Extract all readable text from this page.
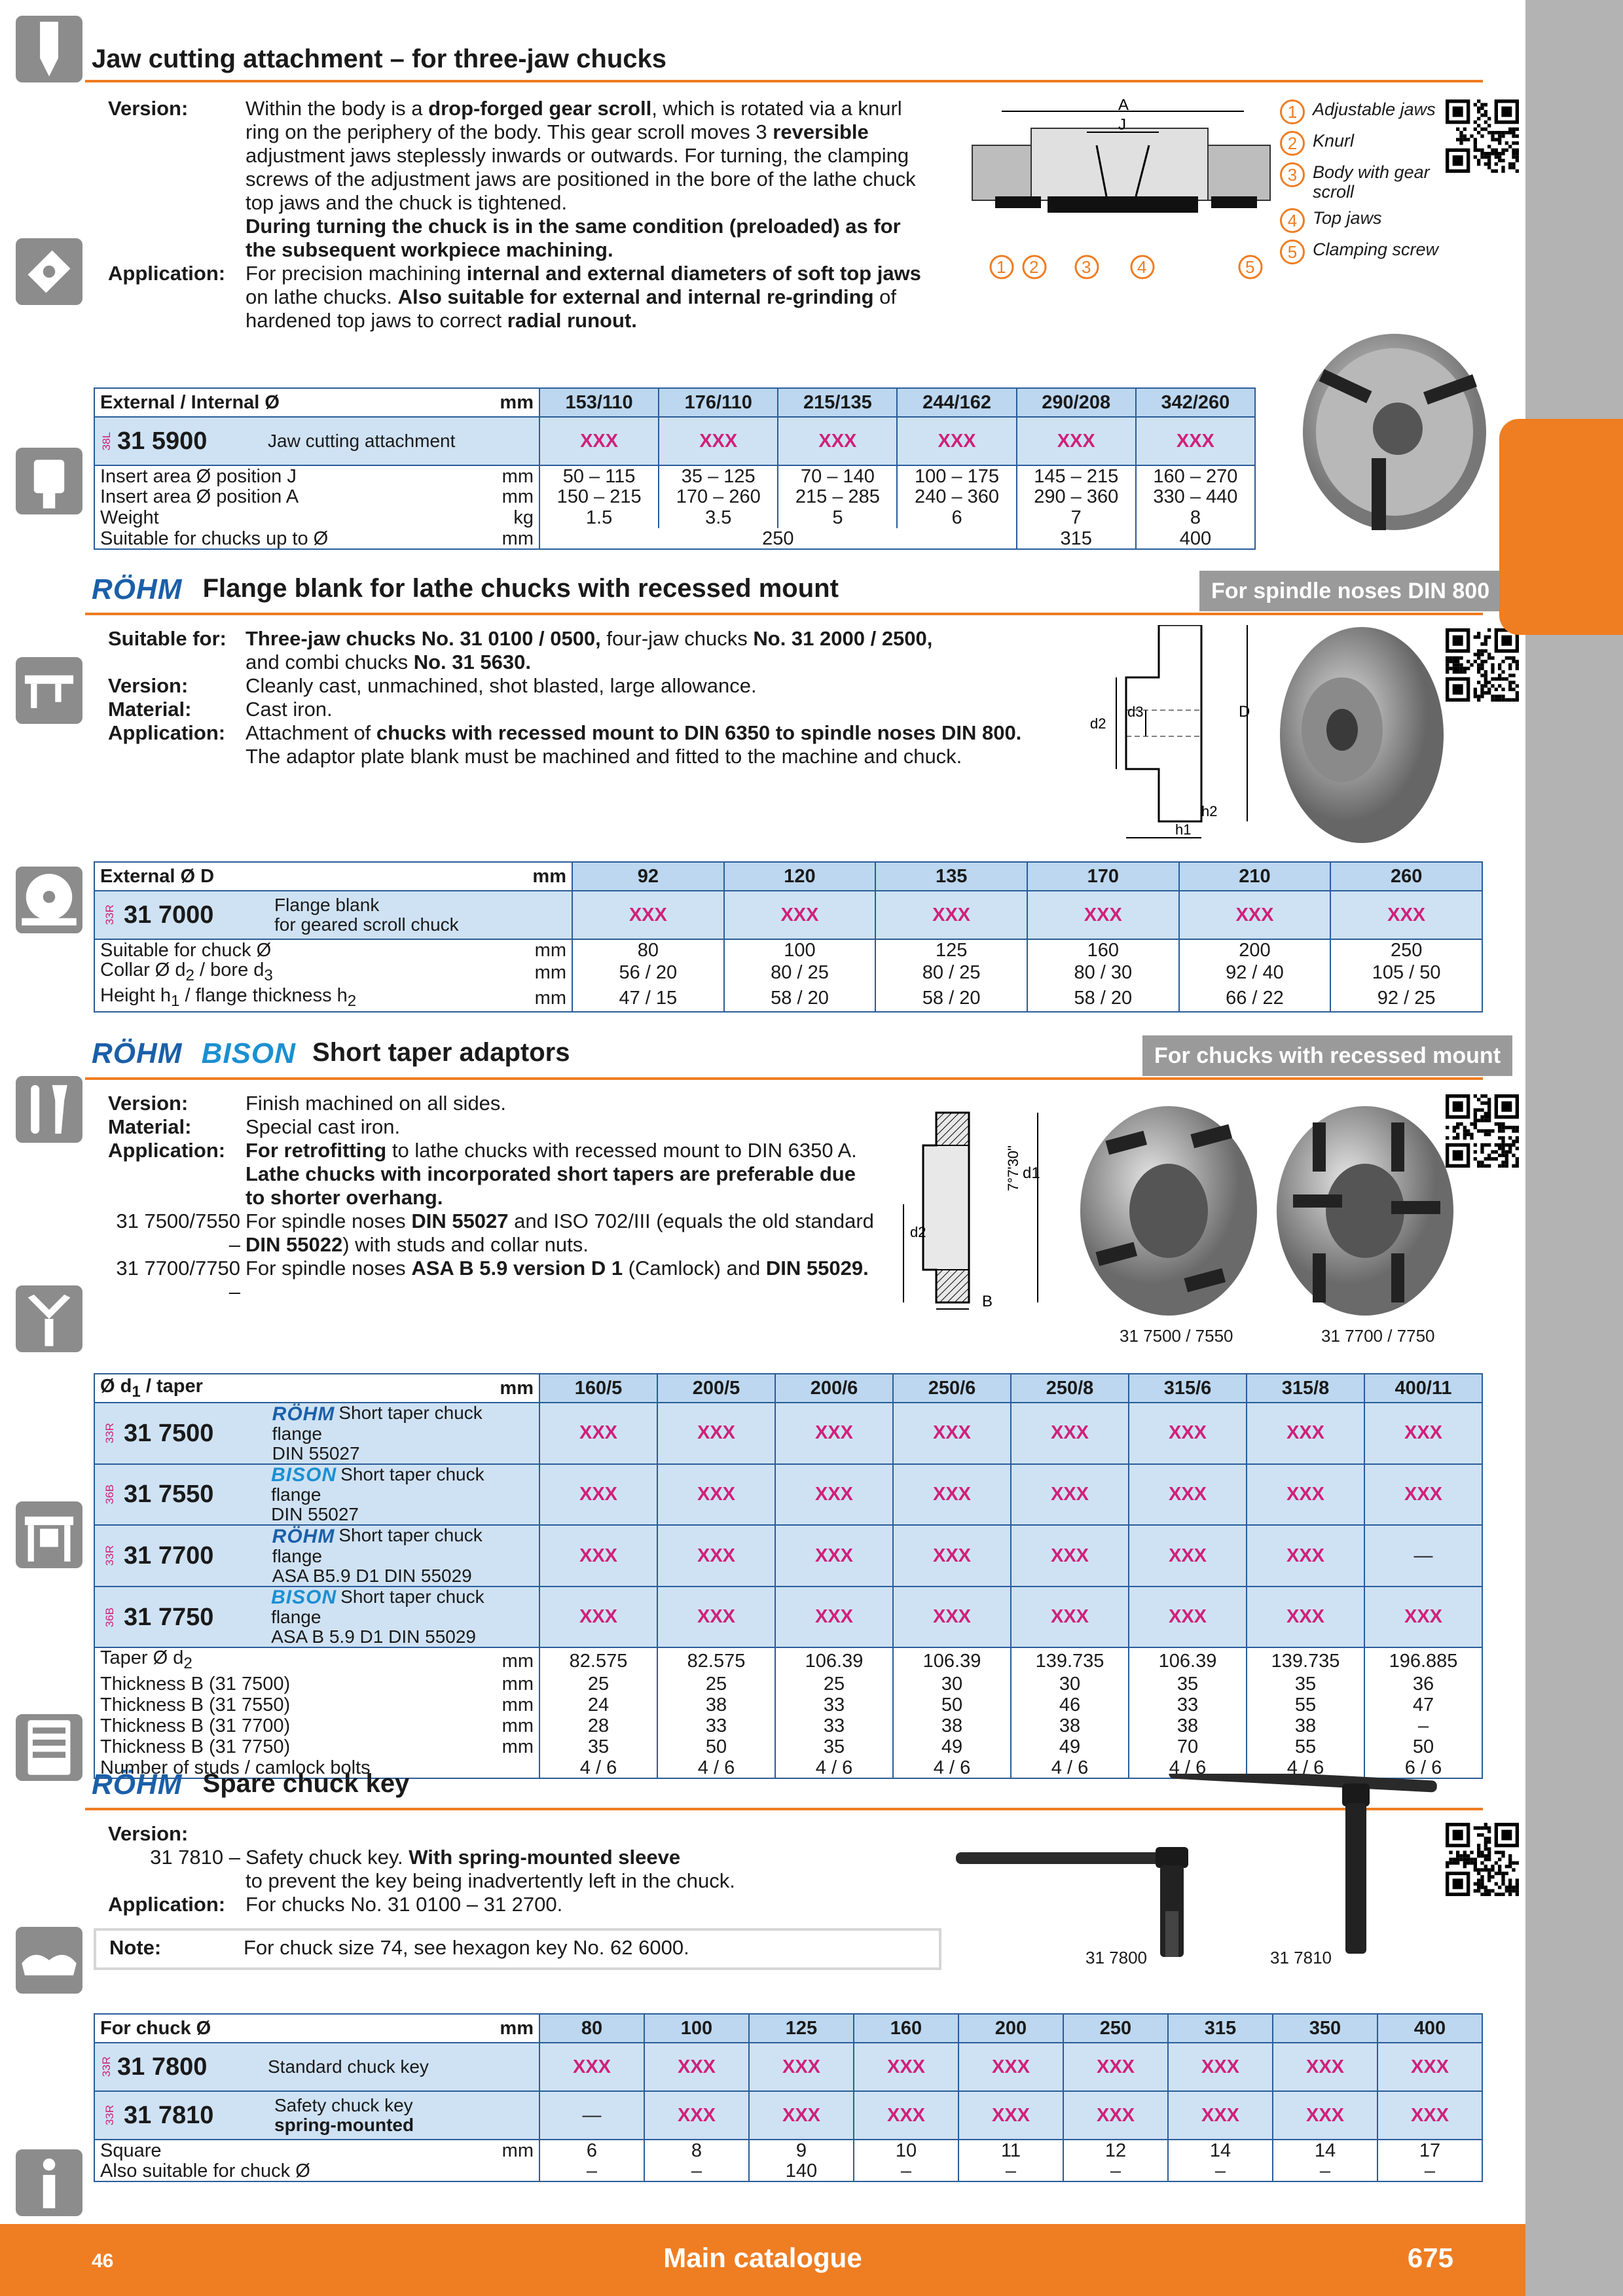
Jaw cutting attachment – for three-jaw chucks
Version:	Within the body is a drop-forged gear scroll, which is rotated via a knurl ring on the periphery of the body. This gear scroll moves 3 reversible adjustment jaws steplessly inwards or outwards. For turning, the clamping screws of the adjustment jaws are positioned in the bore of the lathe chuck top jaws and the chuck is tightened.
During turning the chuck is in the same condition (preloaded) as for the subsequent workpiece machining.
Application: For precision machining internal and external diameters of soft top jaws on lathe chucks. Also suitable for external and internal re-grinding of hardened top jaws to correct radial runout.
A
J
1 2	3	4	5
1 Adjustable jaws
2 Knurl
3 Body with gear scroll
4 Top jaws
5 Clamping screw
External / Internal Ø	mm	153/110	176/110	215/135	244/162	290/208	342/260

38L 31 5900 Jaw cutting attachment		XXX	XXX	XXX	XXX	XXX	XXX
Insert area Ø position J	mm	50 – 115	35 – 125	70 – 140	100 – 175	145 – 215	160 – 270
Insert area Ø position A	mm	150 – 215	170 – 260	215 – 285	240 – 360	290 – 360	330 – 440
Weight	kg	1.5	3.5	5	6	7	8
Suitable for chucks up to Ø	mm	250				315	400
RÖHM Flange blank for lathe chucks with recessed mount	For spindle noses DIN 800
Suitable for: Three-jaw chucks No. 31 0100 / 0500, four-jaw chucks No. 31 2000 / 2500,
and combi chucks No. 31 5630.
Version:	Cleanly cast, unmachined, shot blasted, large allowance.
Material:	Cast iron.
Application: Attachment of chucks with recessed mount to DIN 6350 to spindle noses DIN 800.
The adaptor plate blank must be machined and fitted to the machine and chuck.
d2
d3	D
h2
h1
External Ø D	mm	92	120	135	170	210	260

33R 31 7000 Flange blank
for geared scroll chuck		XXX	XXX	XXX	XXX	XXX	XXX
Suitable for chuck Ø	mm	80	100	125	160	200	250
Collar Ø $d_2$ / bore $d_3$	mm	56 / 20	80 / 25	80 / 25	80 / 30	92 / 40	105 / 50
Height $h_1$ / flange thickness $h_2$	mm	47 / 15	58 / 20	58 / 20	58 / 20	66 / 22	92 / 25
RÖHM BISON Short taper adaptors	For chucks with recessed mount
Version:	Finish machined on all sides.
Material:	Special cast iron.
Application: For retrofitting to lathe chucks with recessed mount to DIN 6350 A.
Lathe chucks with incorporated short tapers are preferable due to shorter overhang.
31 7500/7550 –
For spindle noses DIN 55027 and ISO 702/III (equals the old standard DIN 55022) with studs and collar nuts.
31 7700/7750 –
For spindle noses ASA B 5.9 version D 1 (Camlock) and DIN 55029.
7°7'30" d1
d2
B
31 7500 / 7550	31 7700 / 7750
Ø $d_1$ / taper	mm	160/5	200/5	200/6	250/6	250/8	315/6	315/8	400/11

33R 31 7500
RÖHM Short taper chuck flange
DIN 55027		XXX	XXX	XXX	XXX	XXX	XXX	XXX	XXX

36B 31 7550
BISON Short taper chuck flange
DIN 55027		XXX	XXX	XXX	XXX	XXX	XXX	XXX	XXX

33R 31 7700
RÖHM Short taper chuck flange
ASA B5.9 D1 DIN 55029		XXX	XXX	XXX	XXX	XXX	XXX	XXX	—

36B 31 7750
BISON Short taper chuck flange
ASA B 5.9 D1 DIN 55029		XXX	XXX	XXX	XXX	XXX	XXX	XXX	XXX
Taper Ø $d_2$	mm	82.575	82.575	106.39	106.39	139.735	106.39	139.735	196.885
Thickness B (31 7500)	mm	25	25	25	30	30	35	35	36
Thickness B (31 7550)	mm	24	38	33	50	46	33	55	47
Thickness B (31 7700)	mm	28	33	33	38	38	38	38	–
Thickness B (31 7750)	mm	35	50	35	49	49	70	55	50
Number of studs / camlock bolts		4 / 6	4 / 6	4 / 6	4 / 6	4 / 6	4 / 6	4 / 6	6 / 6
RÖHM Spare chuck key
Version:
31 7810 – Safety chuck key. With spring-mounted sleeve
to prevent the key being inadvertently left in the chuck.
Application: For chucks No. 31 0100 – 31 2700.
Note:	For chuck size 74, see hexagon key No. 62 6000.	31 7800	31 7810
For chuck Ø	mm	80	100	125	160	200	250	315	350	400

33R 31 7800 Standard chuck key		XXX	XXX	XXX	XXX	XXX	XXX	XXX	XXX	XXX

33R 31 7810 Safety chuck key
spring-mounted		—	XXX	XXX	XXX	XXX	XXX	XXX	XXX	XXX
Square	mm	6	8	9	10	11	12	14	14	17
Also suitable for chuck Ø		–	–	140	–	–	–	–	–	–
1
2
3
4
5
6
7
8
9
0
46	Main catalogue	675
